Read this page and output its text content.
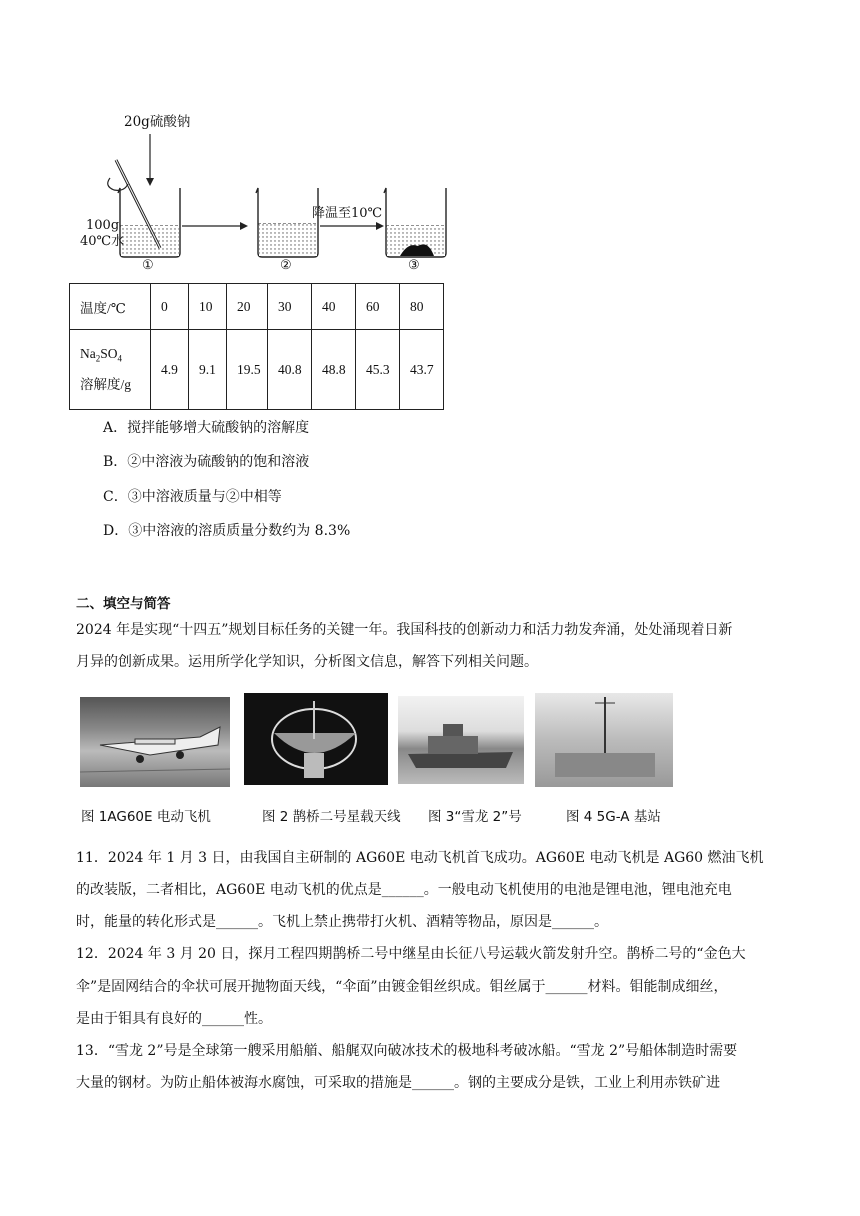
20g硫酸钠
100g
40℃水
降温至10℃
①	②	③
温度/℃	0	10	20	30	40	60	80
$Na_2SO_4$
溶解度/g	4.9	9.1	19.5	40.8	48.8	45.3	43.7
A．搅拌能够增大硫酸钠的溶解度
B．②中溶液为硫酸钠的饱和溶液
C．③中溶液质量与②中相等
D．③中溶液的溶质质量分数约为 8.3%
二、填空与简答
2024 年是实现“十四五”规划目标任务的关键一年。我国科技的创新动力和活力勃发奔涌，处处涌现着日新
月异的创新成果。运用所学化学知识，分析图文信息，解答下列相关问题。
图 1AG60E 电动飞机	图 2 鹊桥二号星载天线 图 3“雪龙 2”号	图 4 5G-A 基站
11．2024 年 1 月 3 日，由我国自主研制的 AG60E 电动飞机首飞成功。AG60E 电动飞机是 AG60 燃油飞机
的改装版，二者相比，AG60E 电动飞机的优点是______。一般电动飞机使用的电池是锂电池，锂电池充电
时，能量的转化形式是______。飞机上禁止携带打火机、酒精等物品，原因是______。
12．2024 年 3 月 20 日，探月工程四期鹊桥二号中继星由长征八号运载火箭发射升空。鹊桥二号的“金色大
伞”是固网结合的伞状可展开抛物面天线，“伞面”由镀金钼丝织成。钼丝属于______材料。钼能制成细丝，
是由于钼具有良好的______性。
13．“雪龙 2”号是全球第一艘采用船艏、船艉双向破冰技术的极地科考破冰船。“雪龙 2”号船体制造时需要
大量的钢材。为防止船体被海水腐蚀，可采取的措施是______。钢的主要成分是铁，工业上利用赤铁矿进
